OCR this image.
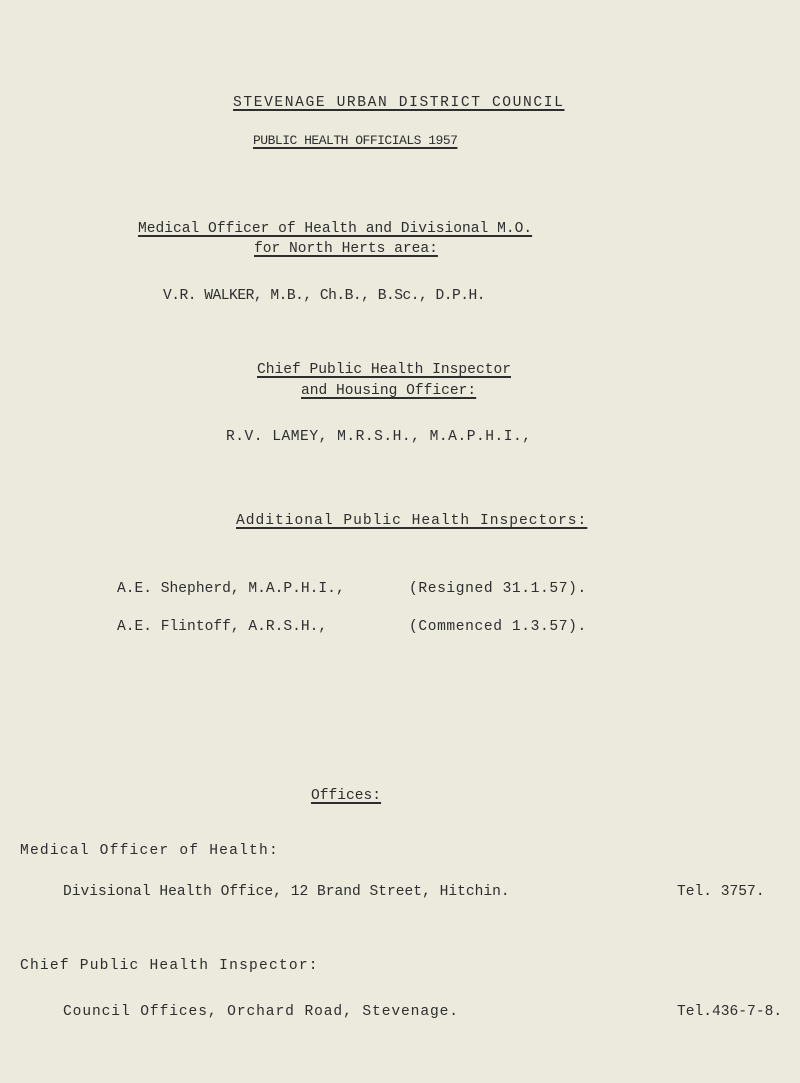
STEVENAGE URBAN DISTRICT COUNCIL
PUBLIC HEALTH OFFICIALS 1957
Medical Officer of Health and Divisional M.O.
for North Herts area:
V.R. WALKER, M.B., Ch.B., B.Sc., D.P.H.
Chief Public Health Inspector
and Housing Officer:
R.V. LAMEY, M.R.S.H., M.A.P.H.I.,
Additional Public Health Inspectors:
A.E. Shepherd, M.A.P.H.I.,	(Resigned 31.1.57).
A.E. Flintoff, A.R.S.H.,	(Commenced 1.3.57).
Offices:
Medical Officer of Health:
Divisional Health Office, 12 Brand Street, Hitchin.	Tel. 3757.
Chief Public Health Inspector:
Council Offices, Orchard Road, Stevenage.	Tel.436-7-8.
